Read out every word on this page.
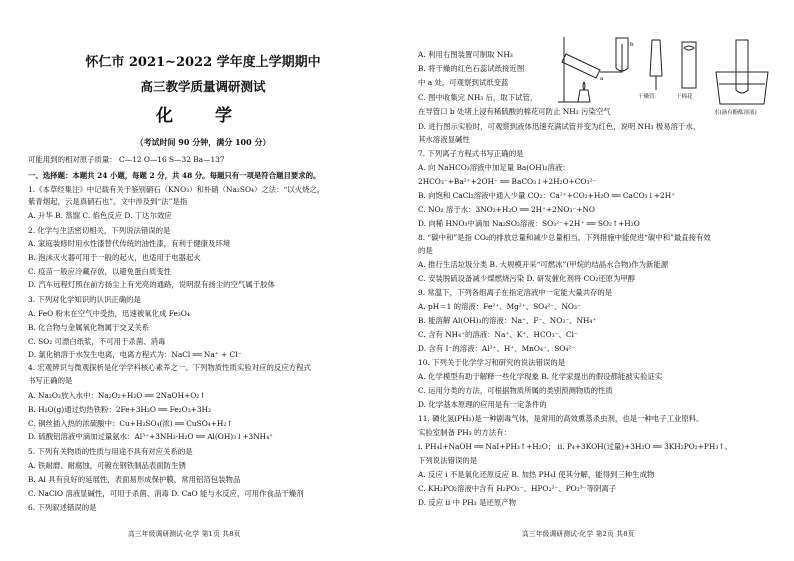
怀仁市 2021~2022 学年度上学期期中
高三教学质量调研测试
化 学
（考试时间 90 分钟，满分 100 分）
可能用到的相对原子质量： C—12 O—16 S—32 Ba—137
一、选择题：本题共 24 小题，每题 2 分，共 48 分。每题只有一项是符合题目要求的。
1.《本草经集注》中记载有关于鉴别硝石（KNO₃）和朴硝（Na₂SO₄）之法：“以火烧之，
紫青烟起，云是真硝石也”。文中涉及到“法”是指
A. 升华 B. 蒸馏 C. 焰色反应 D. 丁达尔效应
2. 化学与生活密切相关，下列说法错误的是
A. 家庭装修时用水性漆替代传统的油性漆，有利于健康及环境
B. 泡沫灭火器可用于一般的起火，也适用于电器起火
C. 疫苗一般应冷藏存放，以避免蛋白质变性
D. 汽车远程灯照在前方扬尘上有光亮的通路，说明混有扬尘的空气属于胶体
3. 下列对化学知识的认识正确的是
A. FeO 粉末在空气中受热，迅速被氧化成 Fe₃O₄
B. 化合物与金属氧化物属于交叉关系
C. SO₂ 可漂白纸浆，不可用于杀菌、消毒
D. 氯化钠溶于水发生电离，电离方程式为：NaCl ══ Na⁺ + Cl⁻
4. 宏观辨识与微观探析是化学学科核心素养之一。下列物质性质实验对应的反应方程式
书写正确的是
A. Na₂O₂放入水中：Na₂O₂+H₂O ══ 2NaOH+O₂↑
B. H₂O(g)通过灼热铁粉：2Fe+3H₂O ══ Fe₂O₃+3H₂
C. 铜丝插入热的浓硫酸中：Cu+H₂SO₄(浓) ══ CuSO₄+H₂↑
D. 硫酸铝溶液中滴加过量氨水：Al³⁺+3NH₃·H₂O ══ Al(OH)₃↓+3NH₄⁺
5. 下列有关物质的性质与用途不具有对应关系的是
A. 铁耐磨、耐腐蚀，可镀在钢铁制品表面防生锈
B. Al 具有良好的延展性，表面易形成保护膜，常用铝箔包装物品
C. NaClO 溶液显碱性，可用于杀菌、消毒 D. CaO 能与水反应，可用作食品干燥剂
6. 下列叙述错误的是
高三年级调研测试·化学 第1页 共8页
a
b
干燥管	干棉花
水(滴有酚酞溶液)
A. 利用右图装置可制取 NH₃
B. 将干燥的红色石蕊试纸接近图
中 a 处，可观察到试纸变蓝
C. 图中收集完 NH₃ 后，取下试管，
在导管口 b 处堵上浸有稀硫酸的棉花可防止 NH₃ 污染空气
D. 进行图示实验时，可观察到液体迅速充满试管并变为红色，说明 NH₃ 极易溶于水，
其水溶液显碱性
7. 下列离子方程式书写正确的是
A. 向 NaHCO₃溶液中加足量 Ba(OH)₂溶液：
2HCO₃⁻+Ba²⁺+2OH⁻ ══ BaCO₃↓+2H₂O+CO₃²⁻
B. 向饱和 CaCl₂溶液中通入少量 CO₂：Ca²⁺+CO₂+H₂O ══ CaCO₃↓+2H⁺
C. NO₂ 溶于水：3NO₂+H₂O ══ 2H⁺+2NO₃⁻+NO
D. 向稀 HNO₃中滴加 Na₂SO₃溶液：SO₃²⁻+2H⁺ ══ SO₂↑+H₂O
8. “碳中和”是指 CO₂的排放总量和减少总量相当。下列措施中能促进“碳中和”最直接有效
的是
A. 推行生活垃圾分类 B. 大规模开采“可燃冰”(甲烷的结晶水合物)作为新能源
C. 安装脱硫设备减少煤燃烧污染 D. 研发催化剂将 CO₂还原为甲醇
9. 常温下，下列各组离子在指定溶液中一定能大量共存的是
A. pH＝1 的溶液：Fe²⁺、Mg²⁺、SO₄²⁻、NO₃⁻
B. 能溶解 Al(OH)₃的溶液：Na⁺、F⁻、NO₃⁻、NH₄⁺
C. 含有 NH₄⁺的溶液：Na⁺、K⁺、HCO₃⁻、Cl⁻
D. 含有 I⁻的溶液：Al³⁺、H⁺、MnO₄⁻、SO₄²⁻
10. 下列关于化学学习和研究的说法错误的是
A. 化学模型有助于解释一些化学现象 B. 化学家提出的假设都能被实验证实
C. 运用分类的方法，可根据物质所属的类别预测物质的性质
D. 化学基本原理的应用是有一定条件的
11. 磷化氢(PH₃)是一种剧毒气体，是常用的高效熏蒸杀虫剂，也是一种电子工业原料。
实验室制备 PH₃ 的方法有：
i. PH₄I+NaOH ══ NaI+PH₃↑+H₂O； ii. P₄+3KOH(过量)+3H₂O ══ 3KH₂PO₂+PH₃↑。
下列说法错误的是
A. 反应 i 不是氧化还原反应 B. 加热 PH₄I 使其分解，能得到三种生成物
C. KH₂PO₂溶液中含有 H₂PO₂⁻、HPO₂²⁻、PO₂³⁻等阴离子
D. 反应 ii 中 PH₃ 是还原产物
高三年级调研测试·化学 第2页 共8页
